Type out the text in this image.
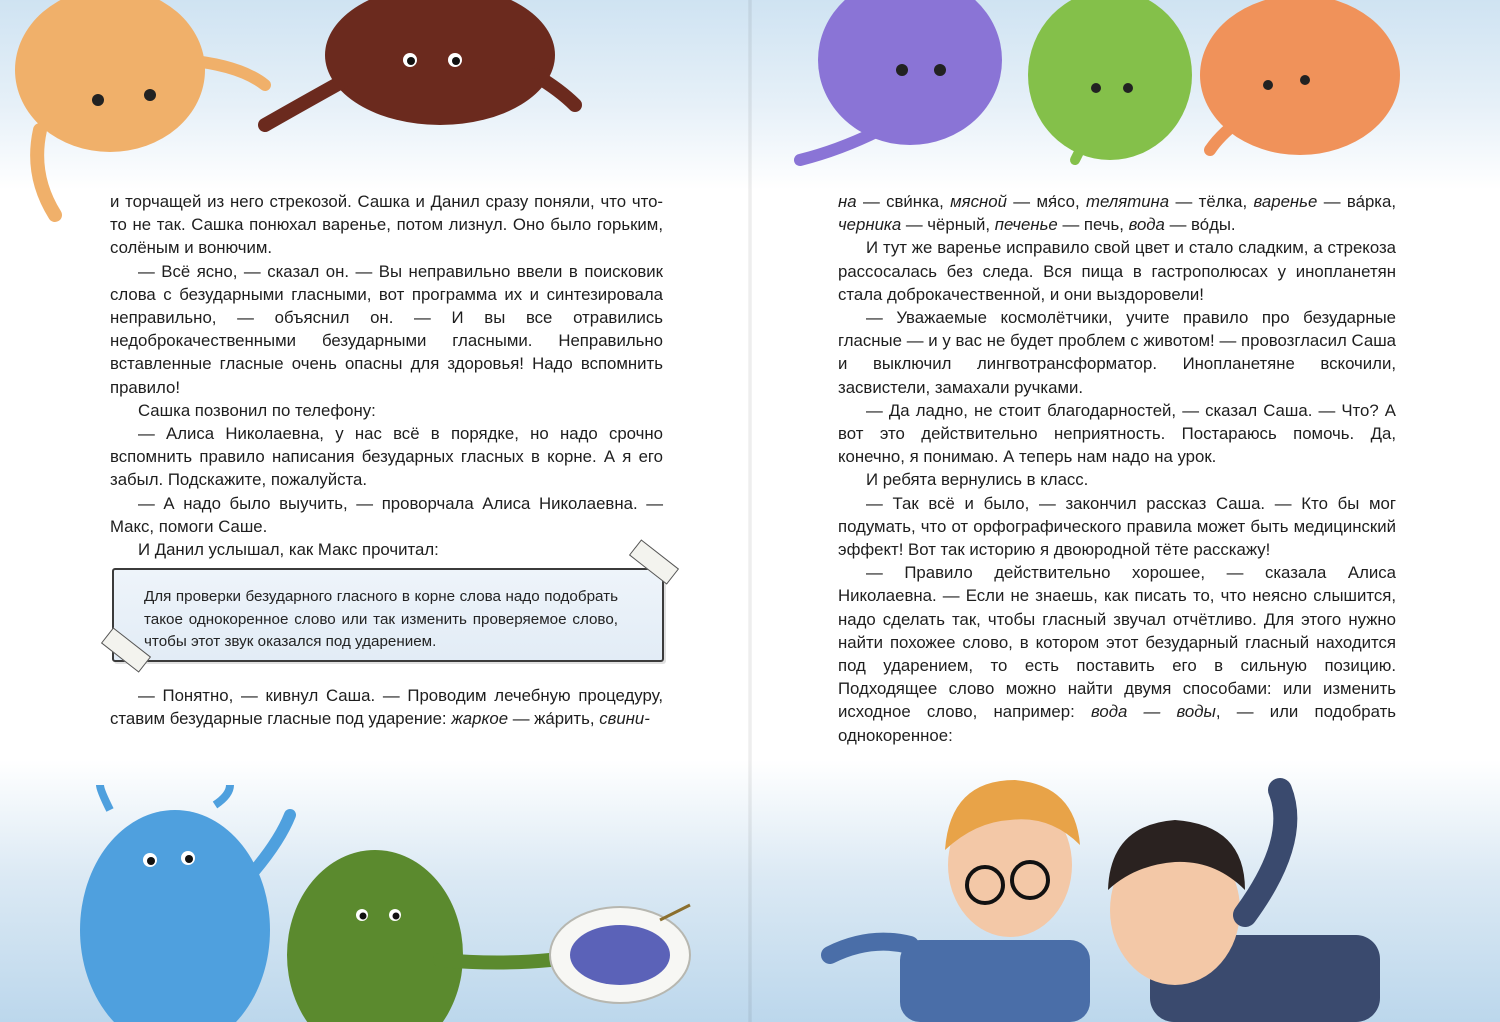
и торчащей из него стрекозой. Сашка и Данил сразу поняли, что что-то не так. Сашка понюхал варенье, потом лизнул. Оно было горьким, солёным и вонючим.

— Всё ясно, — сказал он. — Вы неправильно ввели в поисковик слова с безударными гласными, вот программа их и синтезировала неправильно, — объяснил он. — И вы все отравились недоброкачественными безударными гласными. Неправильно вставленные гласные очень опасны для здоровья! Надо вспомнить правило!

Сашка позвонил по телефону:

— Алиса Николаевна, у нас всё в порядке, но надо срочно вспомнить правило написания безударных гласных в корне. А я его забыл. Подскажите, пожалуйста.

— А надо было выучить, — проворчала Алиса Николаевна. — Макс, помоги Саше.

И Данил услышал, как Макс прочитал:

Для проверки безударного гласного в корне слова надо подобрать такое однокоренное слово или так изменить проверяемое слово, чтобы этот звук оказался под ударением.

— Понятно, — кивнул Саша. — Проводим лечебную процедуру, ставим безударные гласные под ударение: жаркое — жа́рить, свини-

на — сви́нка, мясной — мя́со, телятина — тёлка, варенье — ва́рка, черника — чёрный, печенье — печь, вода — во́ды.

И тут же варенье исправило свой цвет и стало сладким, а стрекоза рассосалась без следа. Вся пища в гастрополюсах у инопланетян стала доброкачественной, и они выздоровели!

— Уважаемые космолётчики, учите правило про безударные гласные — и у вас не будет проблем с животом! — провозгласил Саша и выключил лингвотрансформатор. Инопланетяне вскочили, засвистели, замахали ручками.

— Да ладно, не стоит благодарностей, — сказал Саша. — Что? А вот это действительно неприятность. Постараюсь помочь. Да, конечно, я понимаю. А теперь нам надо на урок.

И ребята вернулись в класс.

— Так всё и было, — закончил рассказ Саша. — Кто бы мог подумать, что от орфографического правила может быть медицинский эффект! Вот так историю я двоюродной тёте расскажу!

— Правило действительно хорошее, — сказала Алиса Николаевна. — Если не знаешь, как писать то, что неясно слышится, надо сделать так, чтобы гласный звучал отчётливо. Для этого нужно найти похожее слово, в котором этот безударный гласный находится под ударением, то есть поставить его в сильную позицию. Подходящее слово можно найти двумя способами: или изменить исходное слово, например: вода — воды, — или подобрать однокоренное:
